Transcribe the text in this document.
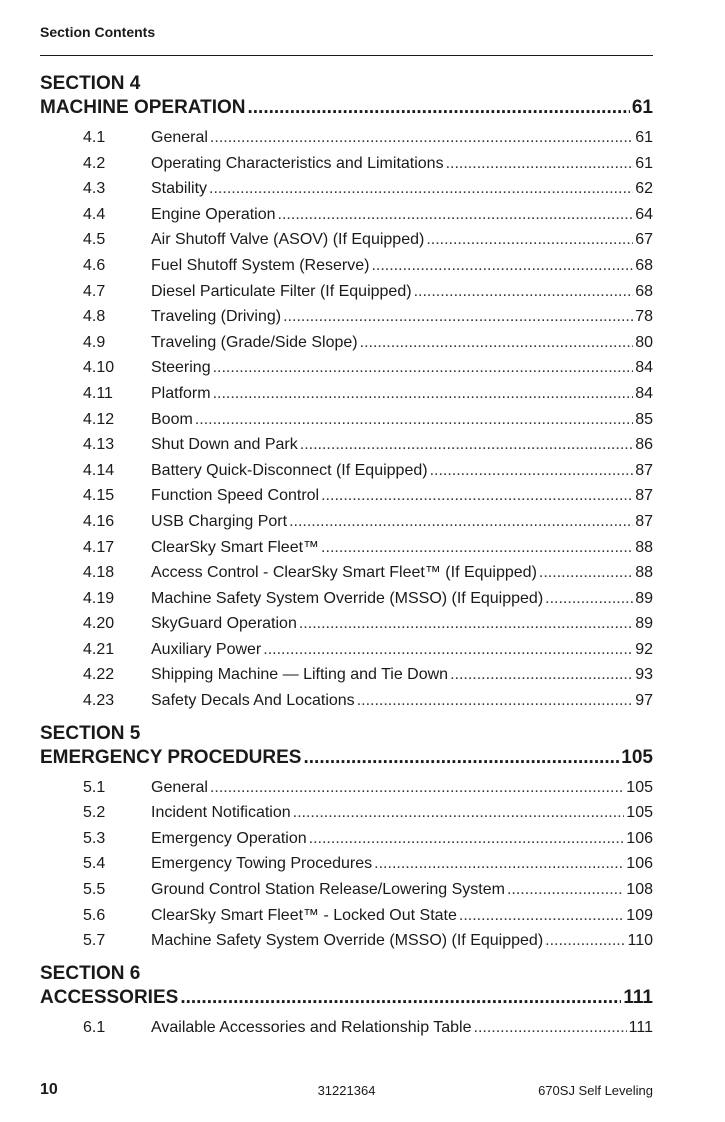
Section Contents
SECTION 4
MACHINE OPERATION .....	61
4.1	General .....	61
4.2	Operating Characteristics and Limitations .....	61
4.3	Stability .....	62
4.4	Engine Operation .....	64
4.5	Air Shutoff Valve (ASOV) (If Equipped) .....	67
4.6	Fuel Shutoff System (Reserve) .....	68
4.7	Diesel Particulate Filter (If Equipped) .....	68
4.8	Traveling (Driving) .....	78
4.9	Traveling (Grade/Side Slope) .....	80
4.10	Steering .....	84
4.11	Platform .....	84
4.12	Boom .....	85
4.13	Shut Down and Park .....	86
4.14	Battery Quick-Disconnect (If Equipped) .....	87
4.15	Function Speed Control .....	87
4.16	USB Charging Port .....	87
4.17	ClearSky Smart Fleet™ .....	88
4.18	Access Control - ClearSky Smart Fleet™ (If Equipped) .....	88
4.19	Machine Safety System Override (MSSO) (If Equipped) .....	89
4.20	SkyGuard Operation .....	89
4.21	Auxiliary Power .....	92
4.22	Shipping Machine — Lifting and Tie Down .....	93
4.23	Safety Decals And Locations .....	97
SECTION 5
EMERGENCY PROCEDURES .....	105
5.1	General .....	105
5.2	Incident Notification .....	105
5.3	Emergency Operation .....	106
5.4	Emergency Towing Procedures .....	106
5.5	Ground Control Station Release/Lowering System .....	108
5.6	ClearSky Smart Fleet™ - Locked Out State .....	109
5.7	Machine Safety System Override (MSSO) (If Equipped) .....	110
SECTION 6
ACCESSORIES .....	111
6.1	Available Accessories and Relationship Table .....	111
10	31221364	670SJ Self Leveling
